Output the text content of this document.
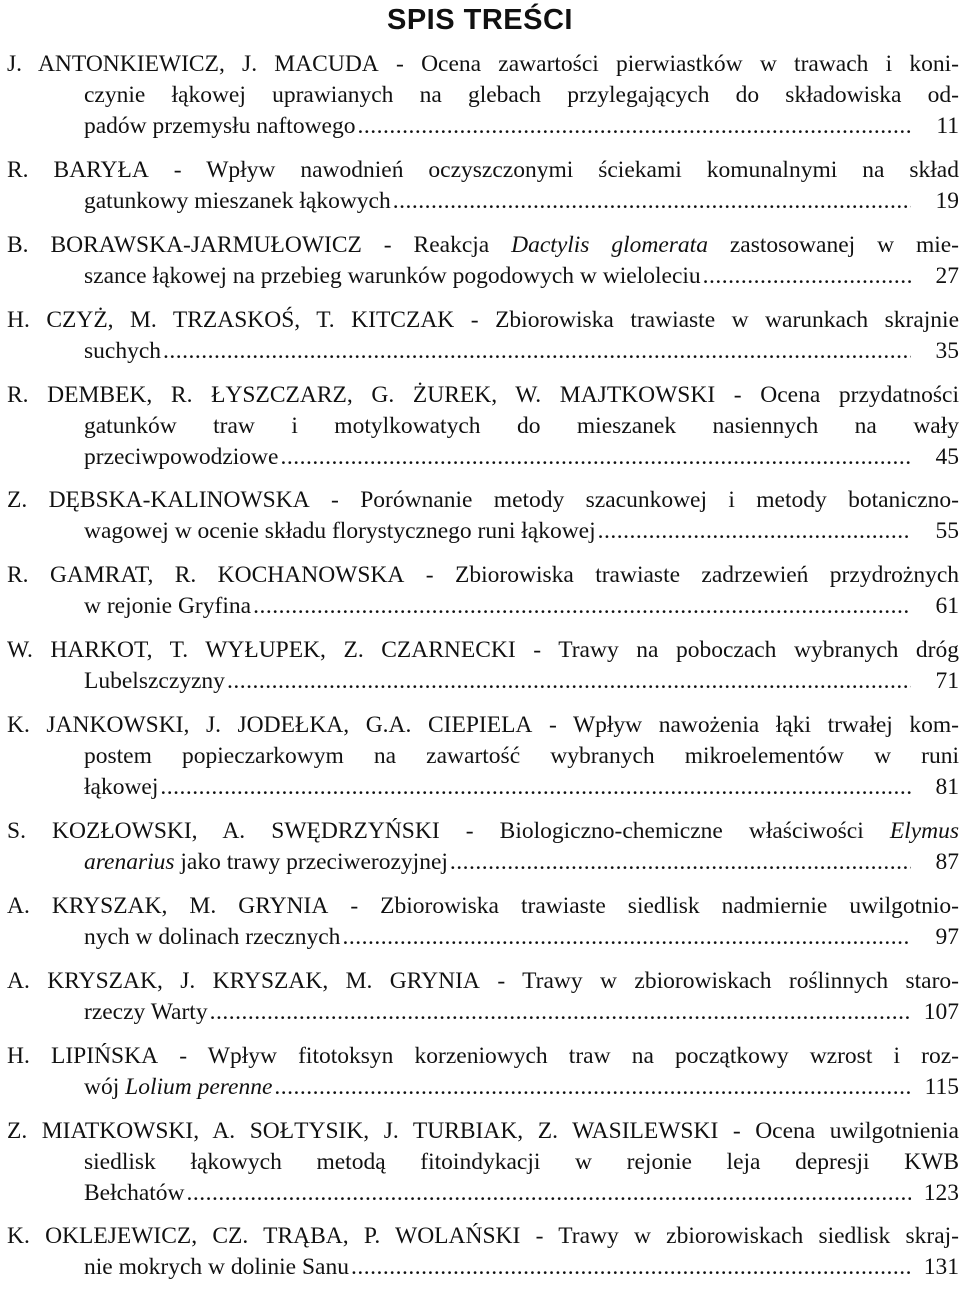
SPIS TREŚCI
J. ANTONKIEWICZ, J. MACUDA - Ocena zawartości pierwiastków w trawach i koni-
czynie łąkowej uprawianych na glebach przylegających do składowiska od-
padów przemysłu naftowego .....	11
R. BARYŁA - Wpływ nawodnień oczyszczonymi ściekami komunalnymi na skład
gatunkowy mieszanek łąkowych .....	19
B. BORAWSKA-JARMUŁOWICZ - Reakcja Dactylis glomerata zastosowanej w mie-
szance łąkowej na przebieg warunków pogodowych w wieloleciu .....	27
H. CZYŻ, M. TRZASKOŚ, T. KITCZAK - Zbiorowiska trawiaste w warunkach skrajnie
suchych .....	35
R. DEMBEK, R. ŁYSZCZARZ, G. ŻUREK, W. MAJTKOWSKI - Ocena przydatności
gatunków traw i motylkowatych do mieszanek nasiennych na wały
przeciwpowodziowe .....	45
Z. DĘBSKA-KALINOWSKA - Porównanie metody szacunkowej i metody botaniczno-
wagowej w ocenie składu florystycznego runi łąkowej .....	55
R. GAMRAT, R. KOCHANOWSKA - Zbiorowiska trawiaste zadrzewień przydrożnych
w rejonie Gryfina .....	61
W. HARKOT, T. WYŁUPEK, Z. CZARNECKI - Trawy na poboczach wybranych dróg
Lubelszczyzny .....	71
K. JANKOWSKI, J. JODEŁKA, G.A. CIEPIELA - Wpływ nawożenia łąki trwałej kom-
postem popieczarkowym na zawartość wybranych mikroelementów w runi
łąkowej .....	81
S. KOZŁOWSKI, A. SWĘDRZYŃSKI - Biologiczno-chemiczne właściwości Elymus
arenarius jako trawy przeciwerozyjnej .....	87
A. KRYSZAK, M. GRYNIA - Zbiorowiska trawiaste siedlisk nadmiernie uwilgotnio-
nych w dolinach rzecznych .....	97
A. KRYSZAK, J. KRYSZAK, M. GRYNIA - Trawy w zbiorowiskach roślinnych staro-
rzeczy Warty .....	107
H. LIPIŃSKA - Wpływ fitotoksyn korzeniowych traw na początkowy wzrost i roz-
wój Lolium perenne .....	115
Z. MIATKOWSKI, A. SOŁTYSIK, J. TURBIAK, Z. WASILEWSKI - Ocena uwilgotnienia
siedlisk łąkowych metodą fitoindykacji w rejonie leja depresji KWB
Bełchatów .....	123
K. OKLEJEWICZ, CZ. TRĄBA, P. WOLAŃSKI - Trawy w zbiorowiskach siedlisk skraj-
nie mokrych w dolinie Sanu .....	131
